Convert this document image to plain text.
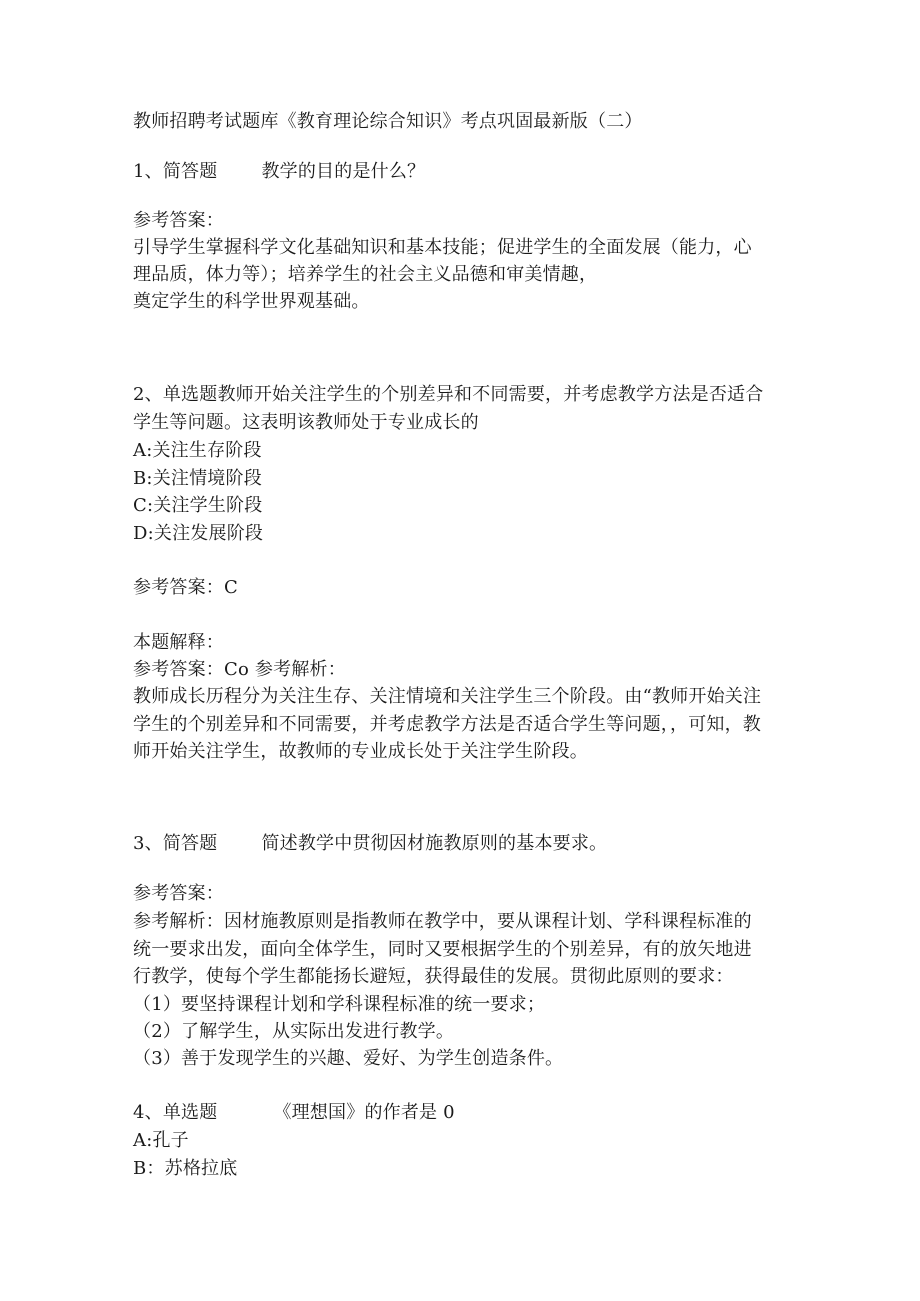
教师招聘考试题库《教育理论综合知识》考点巩固最新版（二）
1、简答题 教学的目的是什么？
参考答案：
引导学生掌握科学文化基础知识和基本技能；促进学生的全面发展（能力，心
理品质，体力等）；培养学生的社会主义品德和审美情趣，
奠定学生的科学世界观基础。
2、单选题教师开始关注学生的个别差异和不同需要，并考虑教学方法是否适合
学生等问题。这表明该教师处于专业成长的
A:关注生存阶段
B:关注情境阶段
C:关注学生阶段
D:关注发展阶段
参考答案：C
本题解释：
参考答案：Co 参考解析：
教师成长历程分为关注生存、关注情境和关注学生三个阶段。由“教师开始关注
学生的个别差异和不同需要，并考虑教学方法是否适合学生等问题，，可知，教
师开始关注学生，故教师的专业成长处于关注学生阶段。
3、简答题 简述教学中贯彻因材施教原则的基本要求。
参考答案：
参考解析：因材施教原则是指教师在教学中，要从课程计划、学科课程标准的
统一要求出发，面向全体学生，同时又要根据学生的个别差异，有的放矢地进
行教学，使每个学生都能扬长避短，获得最佳的发展。贯彻此原则的要求：
（1）要坚持课程计划和学科课程标准的统一要求；
（2）了解学生，从实际出发进行教学。
（3）善于发现学生的兴趣、爱好、为学生创造条件。
4、单选题	《理想国》的作者是 0
A:孔子
B：苏格拉底
